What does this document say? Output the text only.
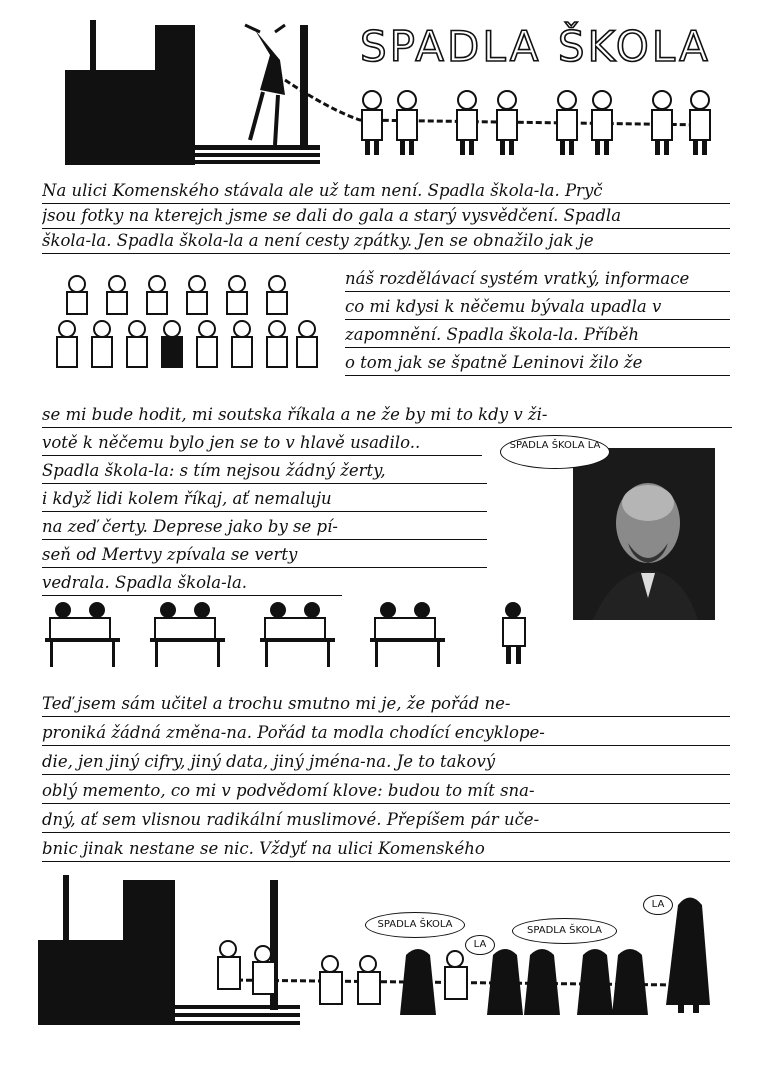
SPADLA ŠKOLA
Na ulici Komenského stávala ale už tam není. Spadla škola-la. Pryč
jsou fotky na kterejch jsme se dali do gala a starý vysvědčení. Spadla
škola-la. Spadla škola-la a není cesty zpátky. Jen se obnažilo jak je
náš rozdělávací systém vratký, informace
co mi kdysi k něčemu bývala upadla v
zapomnění. Spadla škola-la. Příběh
o tom jak se špatně Leninovi žilo že
se mi bude hodit, mi soutska říkala a ne že by mi to kdy v ži-
votě k něčemu bylo jen se to v hlavě usadilo..
Spadla škola-la: s tím nejsou žádný žerty,
i když lidi kolem říkaj, ať nemaluju
na zeď čerty. Deprese jako by se pí-
seň od Mertvy zpívala se verty
vedrala. Spadla škola-la.
SPADLA ŠKOLA LA
Teď jsem sám učitel a trochu smutno mi je, že pořád ne-
proniká žádná změna-na. Pořád ta modla chodící encyklope-
die, jen jiný cifry, jiný data, jiný jména-na. Je to takový
oblý memento, co mi v podvědomí klove: budou to mít sna-
dný, ať sem vlisnou radikální muslimové. Přepíšem pár uče-
bnic jinak nestane se nic. Vždyť na ulici Komenského
SPADLA ŠKOLA
LA
SPADLA ŠKOLA
LA
